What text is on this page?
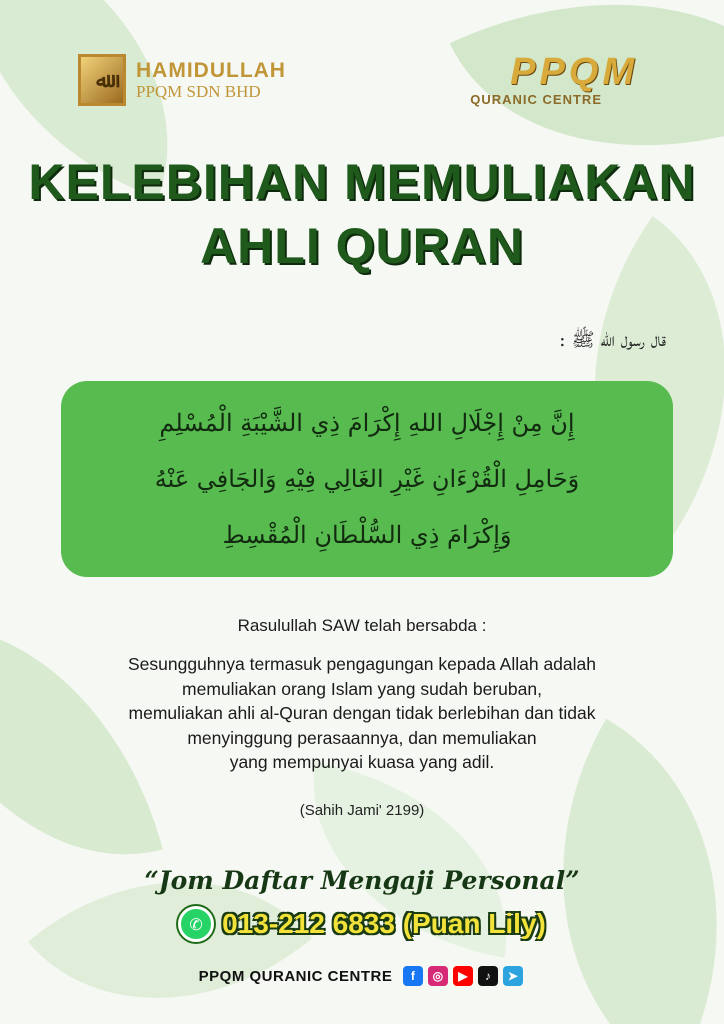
ﷲ	HAMIDULLAH
PPQM SDN BHD	PPQM
QURANIC CENTRE
KELEBIHAN MEMULIAKAN
AHLI QURAN
قال رسول الله ﷺ :
إِنَّ مِنْ إِجْلَالِ اللهِ إِكْرَامَ ذِي الشَّيْبَةِ الْمُسْلِمِ
وَحَامِلِ الْقُرْءَانِ غَيْرِ الغَالِي فِيْهِ وَالجَافِي عَنْهُ
وَإِكْرَامَ ذِي السُّلْطَانِ الْمُقْسِطِ
Rasulullah SAW telah bersabda :
Sesungguhnya termasuk pengagungan kepada Allah adalah
memuliakan orang Islam yang sudah beruban,
memuliakan ahli al-Quran dengan tidak berlebihan dan tidak
menyinggung perasaannya, dan memuliakan
yang mempunyai kuasa yang adil.
(Sahih Jami' 2199)
“Jom Daftar Mengaji Personal”
✆ 013-212 6833 (Puan Lily)
PPQM QURANIC CENTRE	f	◎	▶	♪	➤
